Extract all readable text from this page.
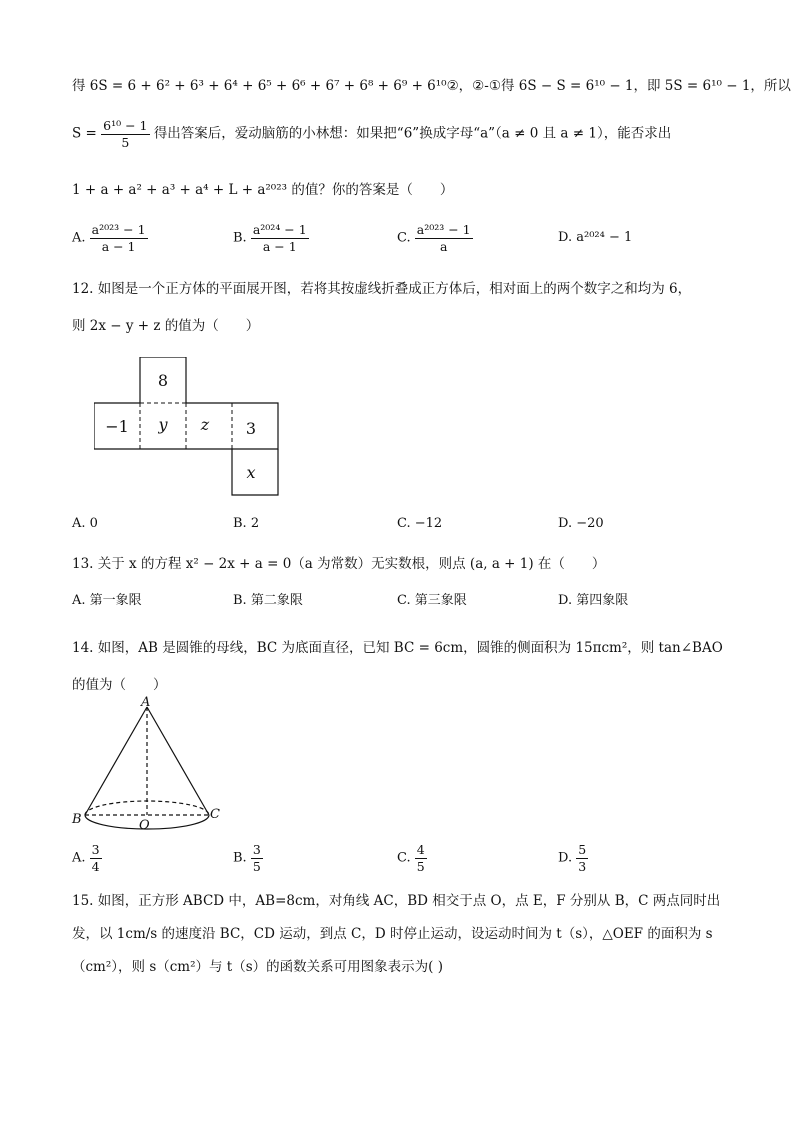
得 6S = 6 + 6² + 6³ + 6⁴ + 6⁵ + 6⁶ + 6⁷ + 6⁸ + 6⁹ + 6¹⁰②，②-①得 6S − S = 6¹⁰ − 1，即 5S = 6¹⁰ − 1，所以
$S = \frac{\text{6¹⁰ − 1}}{5}$ 得出答案后，爱动脑筋的小林想：如果把“6”换成字母“a”（a ≠ 0 且 a ≠ 1），能否求出
1 + a + a² + a³ + a⁴ + L + a²⁰²³ 的值？你的答案是（　　）
A. $\frac{\text{a²⁰²³ − 1}}{a - 1}$	B. $\frac{\text{a²⁰²⁴ − 1}}{a - 1}$	C. $\frac{\text{a²⁰²³ − 1}}{a}$	D. a²⁰²⁴ − 1
12. 如图是一个正方体的平面展开图，若将其按虚线折叠成正方体后，相对面上的两个数字之和均为 6，
则 2x − y + z 的值为（　　）
8
−1	y	z	3
x
A. 0	B. 2	C. −12	D. −20
13. 关于 x 的方程 x² − 2x + a = 0（a 为常数）无实数根，则点 (a, a + 1) 在（　　）
A. 第一象限	B. 第二象限	C. 第三象限	D. 第四象限
14. 如图，AB 是圆锥的母线，BC 为底面直径，已知 BC = 6cm，圆锥的侧面积为 15πcm²，则 tan∠BAO
的值为（　　）
A
B	C
O
A. $\frac{3}{4}$	B. $\frac{3}{5}$	C. $\frac{4}{5}$	D. $\frac{5}{3}$
15. 如图，正方形 ABCD 中，AB=8cm，对角线 AC，BD 相交于点 O，点 E，F 分别从 B，C 两点同时出
发，以 1cm/s 的速度沿 BC，CD 运动，到点 C，D 时停止运动，设运动时间为 t（s），△OEF 的面积为 s
（cm²），则 s（cm²）与 t（s）的函数关系可用图象表示为( )
